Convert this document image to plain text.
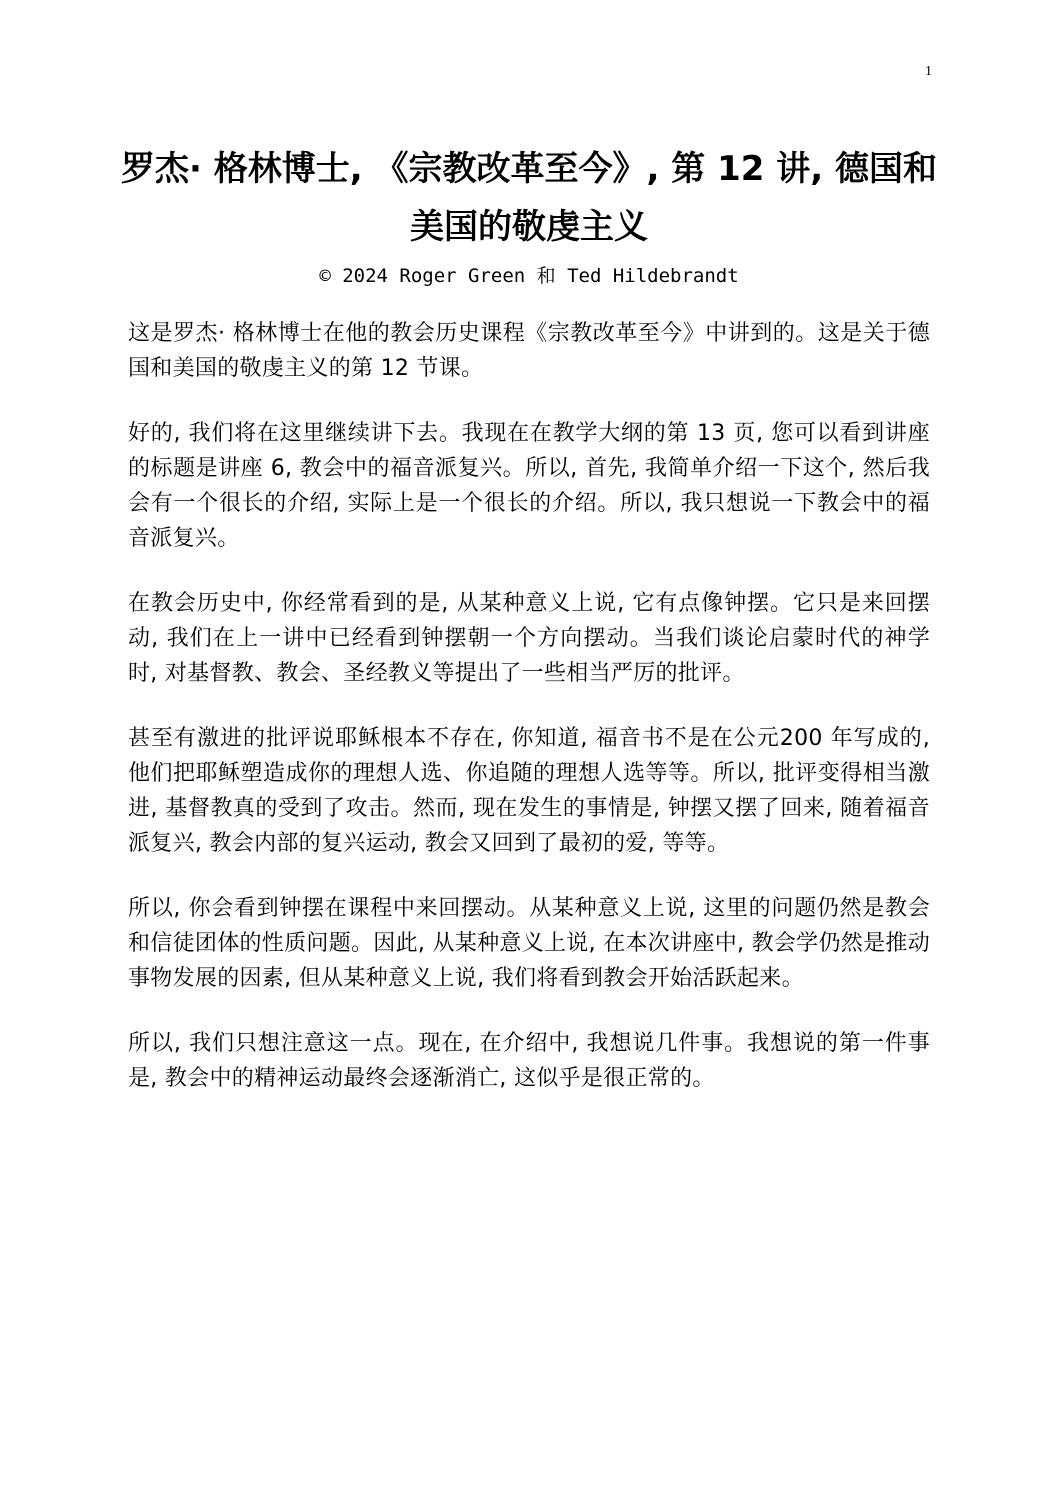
1
罗杰· 格林博士, 《宗教改革至今》, 第 12 讲, 德国和美国的敬虔主义
© 2024 Roger Green 和 Ted Hildebrandt

这是罗杰· 格林博士在他的教会历史课程《宗教改革至今》中讲到的。这是关于德国和美国的敬虔主义的第 12 节课。

好的, 我们将在这里继续讲下去。我现在在教学大纲的第 13 页, 您可以看到讲座的标题是讲座 6, 教会中的福音派复兴。所以, 首先, 我简单介绍一下这个, 然后我会有一个很长的介绍, 实际上是一个很长的介绍。所以, 我只想说一下教会中的福音派复兴。

在教会历史中, 你经常看到的是, 从某种意义上说, 它有点像钟摆。它只是来回摆动, 我们在上一讲中已经看到钟摆朝一个方向摆动。当我们谈论启蒙时代的神学时, 对基督教、教会、圣经教义等提出了一些相当严厉的批评。

甚至有激进的批评说耶稣根本不存在, 你知道, 福音书不是在公元200 年写成的, 他们把耶稣塑造成你的理想人选、你追随的理想人选等等。所以, 批评变得相当激进, 基督教真的受到了攻击。然而, 现在发生的事情是, 钟摆又摆了回来, 随着福音派复兴, 教会内部的复兴运动, 教会又回到了最初的爱, 等等。

所以, 你会看到钟摆在课程中来回摆动。从某种意义上说, 这里的问题仍然是教会和信徒团体的性质问题。因此, 从某种意义上说, 在本次讲座中, 教会学仍然是推动事物发展的因素, 但从某种意义上说, 我们将看到教会开始活跃起来。

所以, 我们只想注意这一点。现在, 在介绍中, 我想说几件事。我想说的第一件事是, 教会中的精神运动最终会逐渐消亡, 这似乎是很正常的。
